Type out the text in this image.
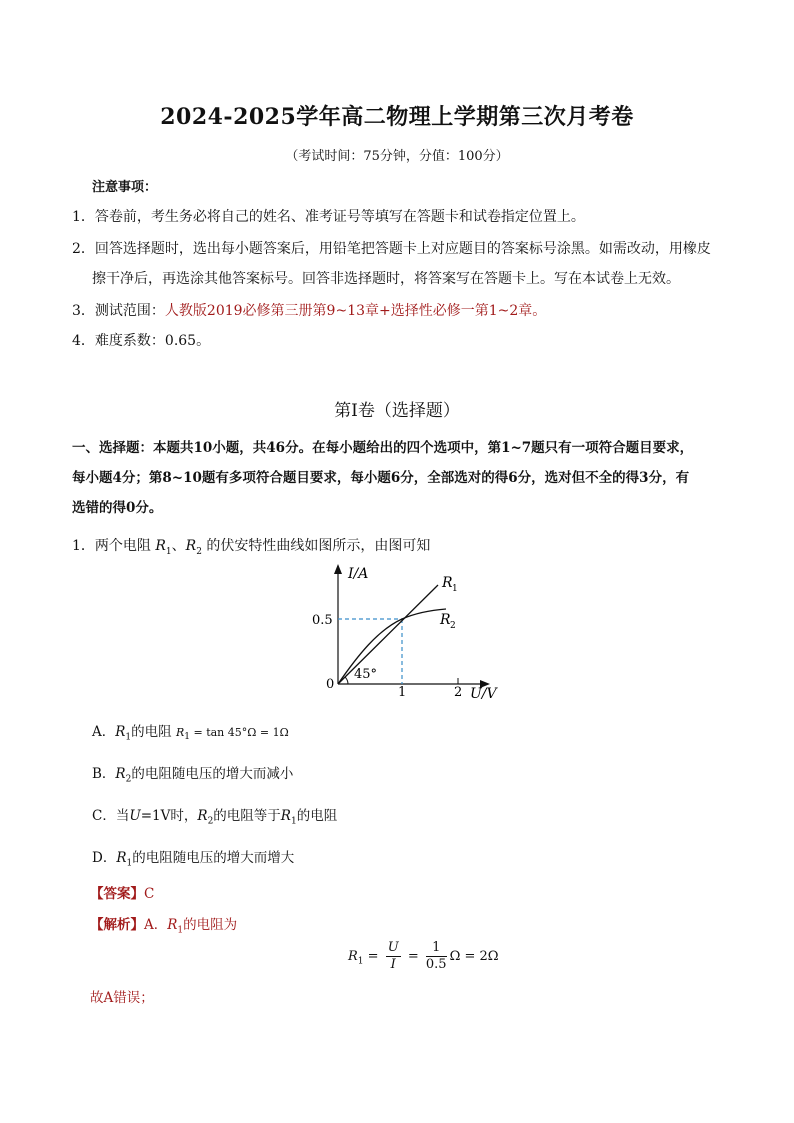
2024-2025学年高二物理上学期第三次月考卷
（考试时间：75分钟，分值：100分）
注意事项：
1．答卷前，考生务必将自己的姓名、准考证号等填写在答题卡和试卷指定位置上。
2．回答选择题时，选出每小题答案后，用铅笔把答题卡上对应题目的答案标号涂黑。如需改动，用橡皮
擦干净后，再选涂其他答案标号。回答非选择题时，将答案写在答题卡上。写在本试卷上无效。
3．测试范围：人教版2019必修第三册第9~13章+选择性必修一第1~2章。
4．难度系数：0.65。
第Ⅰ卷（选择题）
一、选择题：本题共10小题，共46分。在每小题给出的四个选项中，第1~7题只有一项符合题目要求，
每小题4分；第8~10题有多项符合题目要求，每小题6分，全部选对的得6分，选对但不全的得3分，有
选错的得0分。
1．两个电阻 $R_1$、$R_2$ 的伏安特性曲线如图所示，由图可知
I/A
U/V
0
0.5
1	2
45°
R 1
R 2
A．$R_1$的电阻 $R_1 = \tan 45^\circ\Omega = 1\Omega$
B．$R_2$的电阻随电压的增大而减小
C．当U=1V时，$R_2$的电阻等于$R_1$的电阻
D．$R_1$的电阻随电压的增大而增大
【答案】C
【解析】A．$R_1$的电阻为
$R_1 = \frac{U}{I} = \frac{1}{0.5}$ Ω = 2Ω
故A错误；
